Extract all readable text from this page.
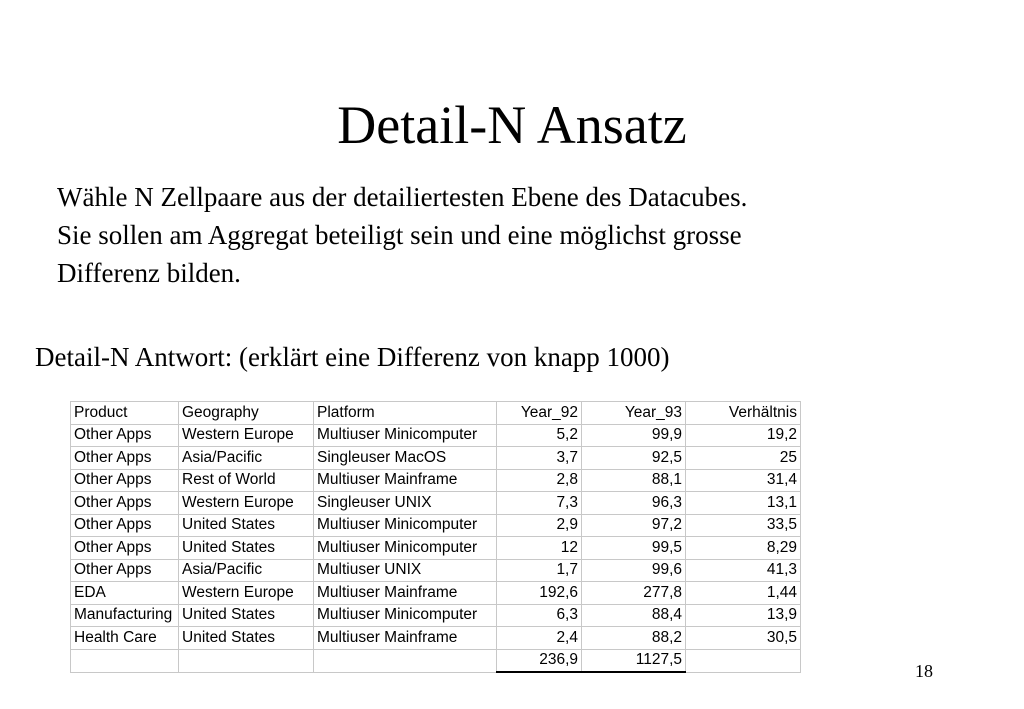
Detail-N Ansatz
Wähle N Zellpaare aus der detailiertesten Ebene des Datacubes.
Sie sollen am Aggregat beteiligt sein und eine möglichst grosse
Differenz bilden.
Detail-N Antwort: (erklärt eine Differenz von knapp 1000)
Product	Geography	Platform	Year_92	Year_93	Verhältnis
Other Apps	Western Europe	Multiuser Minicomputer	5,2	99,9	19,2
Other Apps	Asia/Pacific	Singleuser MacOS	3,7	92,5	25
Other Apps	Rest of World	Multiuser Mainframe	2,8	88,1	31,4
Other Apps	Western Europe	Singleuser UNIX	7,3	96,3	13,1
Other Apps	United States	Multiuser Minicomputer	2,9	97,2	33,5
Other Apps	United States	Multiuser Minicomputer	12	99,5	8,29
Other Apps	Asia/Pacific	Multiuser UNIX	1,7	99,6	41,3
EDA	Western Europe	Multiuser Mainframe	192,6	277,8	1,44
Manufacturing	United States	Multiuser Minicomputer	6,3	88,4	13,9
Health Care	United States	Multiuser Mainframe	2,4	88,2	30,5
			236,9	1127,5	
18
